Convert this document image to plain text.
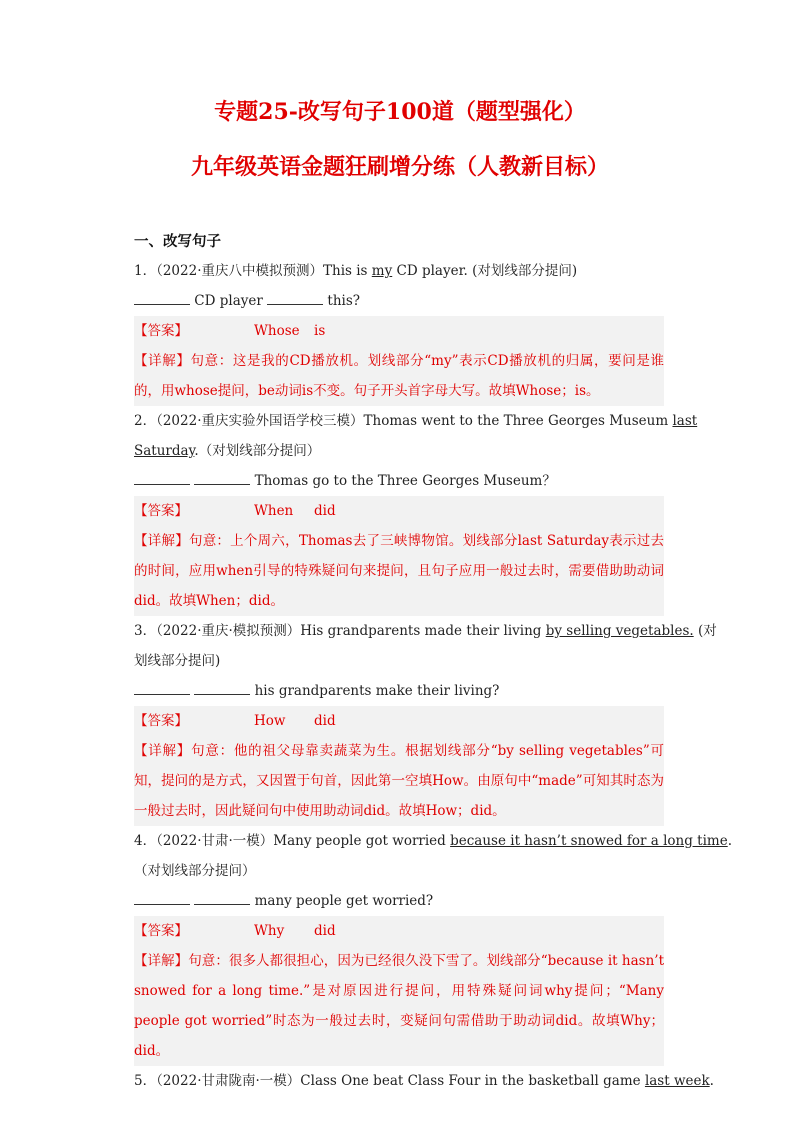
专题25-改写句子100道（题型强化）
九年级英语金题狂刷增分练（人教新目标）
一、改写句子
1．（2022·重庆八中模拟预测）This is my CD player. (对划线部分提问)
CD player	this?
【答案】	Whose is
【详解】句意：这是我的CD播放机。划线部分“my”表示CD播放机的归属，要问是谁的，用whose提问，be动词is不变。句子开头首字母大写。故填Whose；is。
2．（2022·重庆实验外国语学校三模）Thomas went to the Three Georges Museum last
Saturday.（对划线部分提问）
Thomas go to the Three Georges Museum？
【答案】	When did
【详解】句意：上个周六，Thomas去了三峡博物馆。划线部分last Saturday表示过去的时间，应用when引导的特殊疑问句来提问，且句子应用一般过去时，需要借助助动词did。故填When；did。
3．（2022·重庆·模拟预测）His grandparents made their living by selling vegetables. (对
划线部分提问)
his grandparents make their living?
【答案】	How did
【详解】句意：他的祖父母靠卖蔬菜为生。根据划线部分“by selling vegetables”可知，提问的是方式，又因置于句首，因此第一空填How。由原句中“made”可知其时态为一般过去时，因此疑问句中使用助动词did。故填How；did。
4．（2022·甘肃·一模）Many people got worried because it hasn’t snowed for a long time.
（对划线部分提问）
many people get worried?
【答案】	Why did
【详解】句意：很多人都很担心，因为已经很久没下雪了。划线部分“because it hasn’t snowed for a long time.”是对原因进行提问，用特殊疑问词why提问；“Many people got worried”时态为一般过去时，变疑问句需借助于助动词did。故填Why；did。
5．（2022·甘肃陇南·一模）Class One beat Class Four in the basketball game last week.
